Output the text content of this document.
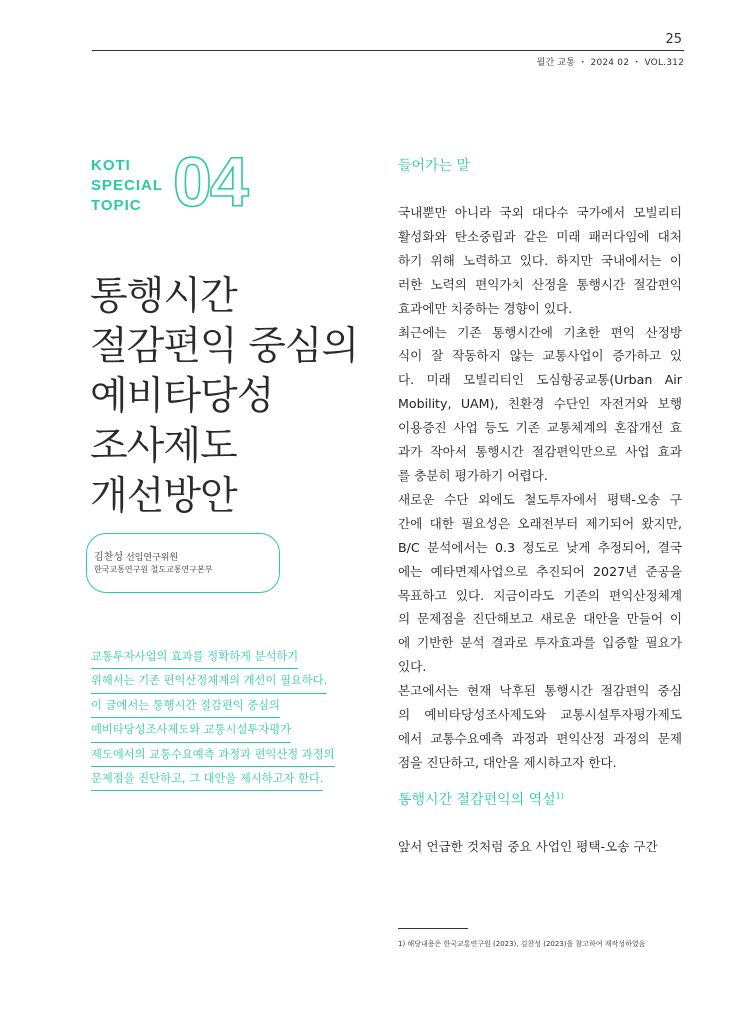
25
월간 교통 ・ 2024 02 ・ VOL.312
KOTI
SPECIAL
TOPIC 04
통행시간
절감편익 중심의
예비타당성
조사제도
개선방안
김찬성 선임연구위원
한국교통연구원 철도교통연구본부
교통투자사업의 효과를 정확하게 분석하기
위해서는 기존 편익산정체계의 개선이 필요하다.
이 글에서는 통행시간 절감편익 중심의
예비타당성조사제도와 교통시설투자평가
제도에서의 교통수요예측 과정과 편익산정 과정의
문제점을 진단하고, 그 대안을 제시하고자 한다.
들어가는 말
국내뿐만 아니라 국외 대다수 국가에서 모빌리티
활성화와 탄소중립과 같은 미래 패러다임에 대처
하기 위해 노력하고 있다. 하지만 국내에서는 이
러한 노력의 편익가치 산정을 통행시간 절감편익
효과에만 치중하는 경향이 있다.
최근에는 기존 통행시간에 기초한 편익 산정방
식이 잘 작동하지 않는 교통사업이 증가하고 있
다. 미래 모빌리티인 도심항공교통(Urban Air
Mobility, UAM), 친환경 수단인 자전거와 보행
이용증진 사업 등도 기존 교통체계의 혼잡개선 효
과가 작아서 통행시간 절감편익만으로 사업 효과
를 충분히 평가하기 어렵다.
새로운 수단 외에도 철도투자에서 평택-오송 구
간에 대한 필요성은 오래전부터 제기되어 왔지만,
B/C 분석에서는 0.3 정도로 낮게 추정되어, 결국
에는 예타면제사업으로 추진되어 2027년 준공을
목표하고 있다. 지금이라도 기존의 편익산정체계
의 문제점을 진단해보고 새로운 대안을 만들어 이
에 기반한 분석 결과로 투자효과를 입증할 필요가
있다.
본고에서는 현재 낙후된 통행시간 절감편익 중심
의 예비타당성조사제도와 교통시설투자평가제도
에서 교통수요예측 과정과 편익산정 과정의 문제
점을 진단하고, 대안을 제시하고자 한다.
통행시간 절감편익의 역설$^{1)}$
앞서 언급한 것처럼 중요 사업인 평택-오송 구간
1) 해당내용은 한국교통연구원 (2023), 김찬성 (2023)을 참고하여 재작성하였음
